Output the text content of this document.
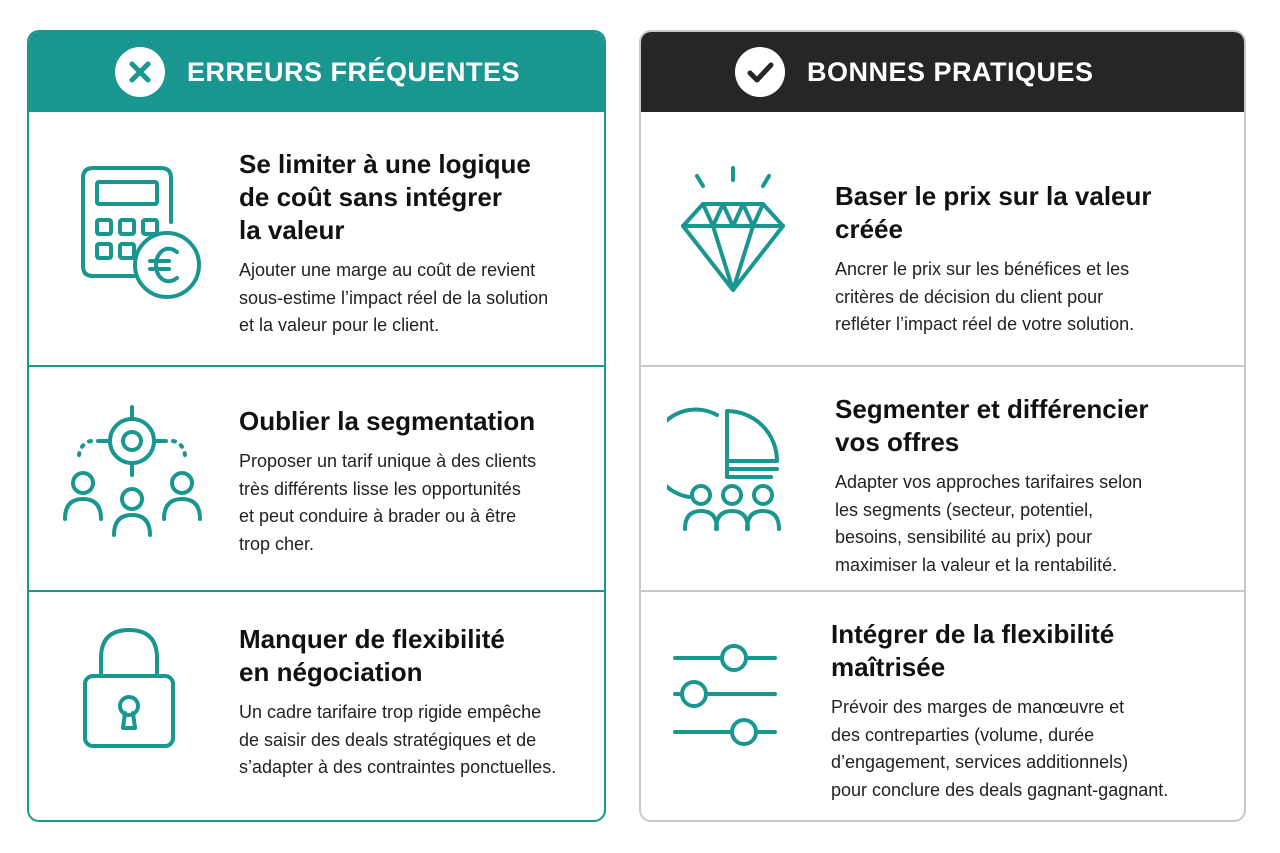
ERREURS FRÉQUENTES

Se limiter à une logique
de coût sans intégrer
la valeur

Ajouter une marge au coût de revient
sous-estime l’impact réel de la solution
et la valeur pour le client.

Oublier la segmentation

Proposer un tarif unique à des clients
très différents lisse les opportunités
et peut conduire à brader ou à être
trop cher.

Manquer de flexibilité
en négociation

Un cadre tarifaire trop rigide empêche
de saisir des deals stratégiques et de
s’adapter à des contraintes ponctuelles.

BONNES PRATIQUES

Baser le prix sur la valeur créée

Ancrer le prix sur les bénéfices et les
critères de décision du client pour
refléter l’impact réel de votre solution.

Segmenter et différencier
vos offres

Adapter vos approches tarifaires selon
les segments (secteur, potentiel,
besoins, sensibilité au prix) pour
maximiser la valeur et la rentabilité.

Intégrer de la flexibilité
maîtrisée

Prévoir des marges de manœuvre et
des contreparties (volume, durée
d’engagement, services additionnels)
pour conclure des deals gagnant-gagnant.
